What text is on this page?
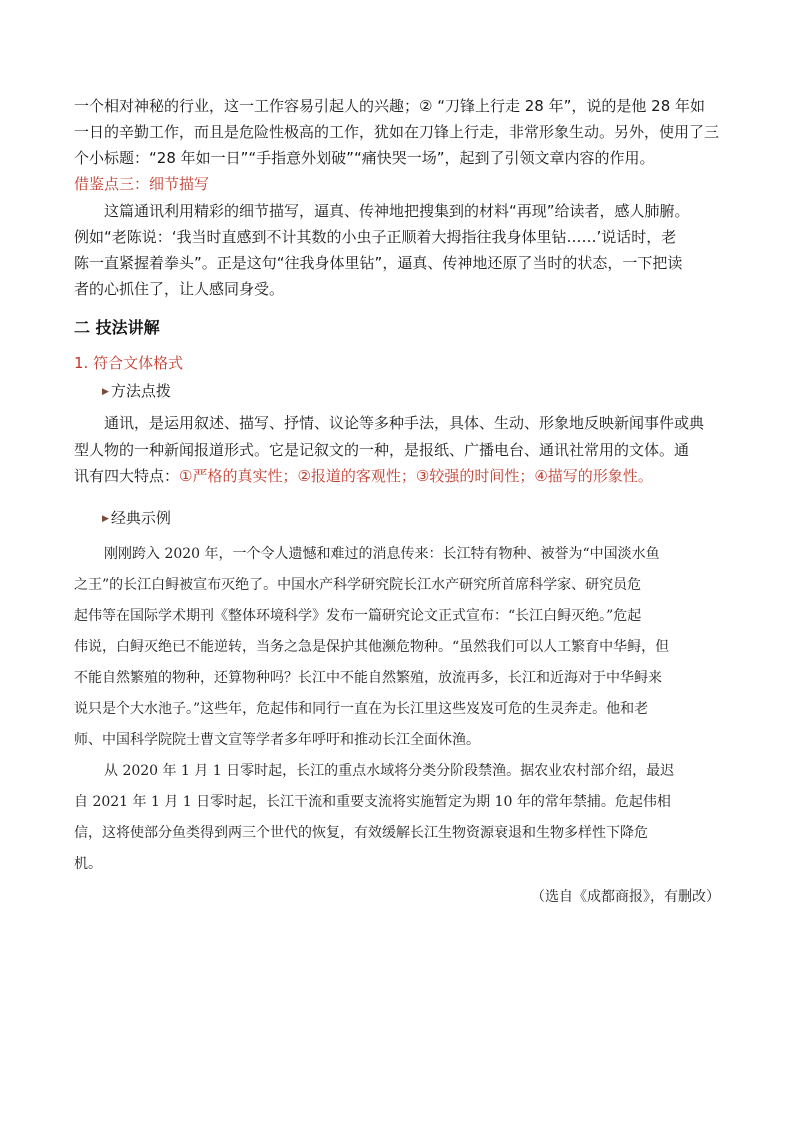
一个相对神秘的行业，这一工作容易引起人的兴趣；② “刀锋上行走 28 年”，说的是他 28 年如

一日的辛勤工作，而且是危险性极高的工作，犹如在刀锋上行走，非常形象生动。另外，使用了三

个小标题：“28 年如一日”“手指意外划破”“痛快哭一场”，起到了引领文章内容的作用。

借鉴点三：细节描写

这篇通讯利用精彩的细节描写，逼真、传神地把搜集到的材料“再现”给读者，感人肺腑。

例如“老陈说：‘我当时直感到不计其数的小虫子正顺着大拇指往我身体里钻……’说话时，老

陈一直紧握着拳头”。正是这句“往我身体里钻”，逼真、传神地还原了当时的状态，一下把读

者的心抓住了，让人感同身受。

二 技法讲解

1. 符合文体格式

▶ 方法点拨

通讯，是运用叙述、描写、抒情、议论等多种手法，具体、生动、形象地反映新闻事件或典

型人物的一种新闻报道形式。它是记叙文的一种，是报纸、广播电台、通讯社常用的文体。通

讯有四大特点：①严格的真实性；②报道的客观性；③较强的时间性；④描写的形象性。

▶ 经典示例

刚刚跨入 2020 年，一个令人遗憾和难过的消息传来：长江特有物种、被誉为“中国淡水鱼

之王”的长江白鲟被宣布灭绝了。中国水产科学研究院长江水产研究所首席科学家、研究员危

起伟等在国际学术期刊《整体环境科学》发布一篇研究论文正式宣布：“长江白鲟灭绝。”危起

伟说，白鲟灭绝已不能逆转，当务之急是保护其他濒危物种。“虽然我们可以人工繁育中华鲟，但

不能自然繁殖的物种，还算物种吗？长江中不能自然繁殖，放流再多，长江和近海对于中华鲟来

说只是个大水池子。”这些年，危起伟和同行一直在为长江里这些岌岌可危的生灵奔走。他和老

师、中国科学院院士曹文宣等学者多年呼吁和推动长江全面休渔。

从 2020 年 1 月 1 日零时起，长江的重点水域将分类分阶段禁渔。据农业农村部介绍，最迟

自 2021 年 1 月 1 日零时起，长江干流和重要支流将实施暂定为期 10 年的常年禁捕。危起伟相

信，这将使部分鱼类得到两三个世代的恢复，有效缓解长江生物资源衰退和生物多样性下降危

机。

（选自《成都商报》，有删改）
